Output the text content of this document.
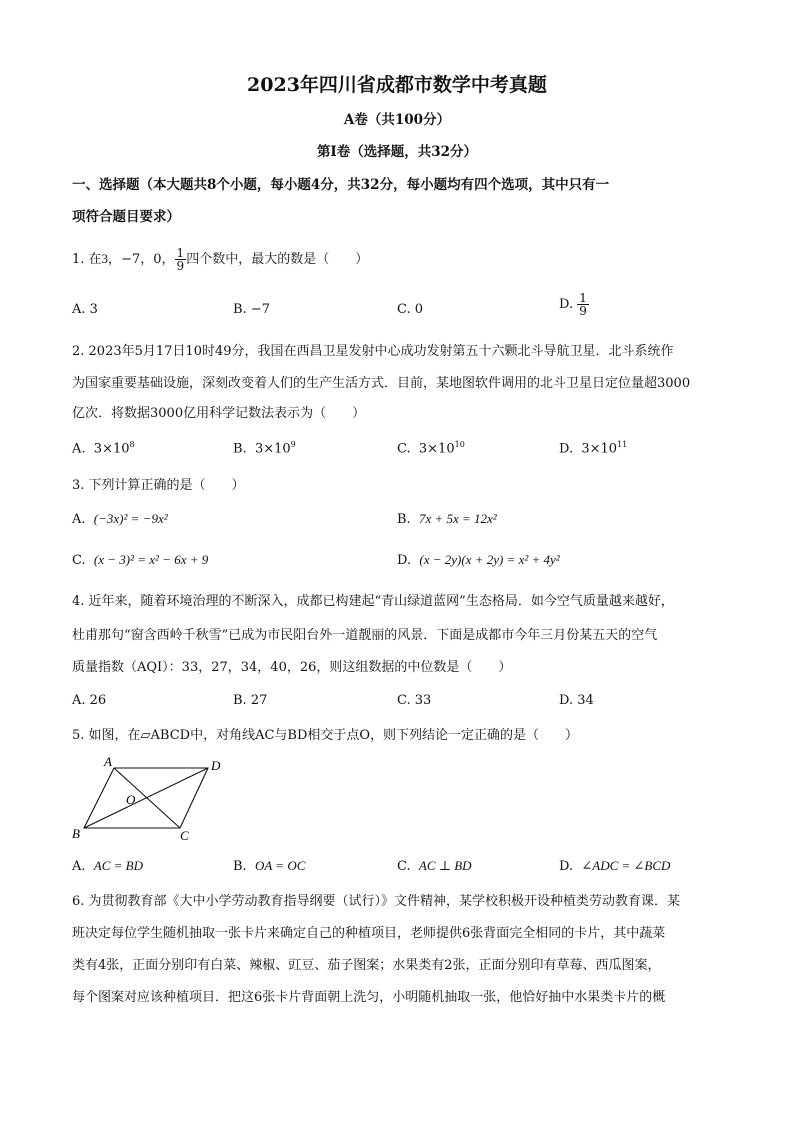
2023年四川省成都市数学中考真题
A卷（共100分）
第I卷（选择题，共32分）
一、选择题（本大题共8个小题，每小题4分，共32分，每小题均有四个选项，其中只有一
项符合题目要求）
1. 在3，−7，0， $\frac{1}{9}$ 四个数中，最大的数是（　　）
A. 3	B. −7	C. 0	D. $\frac{1}{9}$
2. 2023年5月17日10时49分，我国在西昌卫星发射中心成功发射第五十六颗北斗导航卫星．北斗系统作
为国家重要基础设施，深刻改变着人们的生产生活方式．目前，某地图软件调用的北斗卫星日定位量超3000
亿次．将数据3000亿用科学记数法表示为（　　）
A. $3\times 10^8$	B. $3\times 10^9$	C. $3\times 10^{10}$	D. $3\times 10^{11}$
3. 下列计算正确的是（　　）
A. (−3x)² = −9x²	B. 7x + 5x = 12x²
C. (x − 3)² = x² − 6x + 9	D. (x − 2y)(x + 2y) = x² + 4y²
4. 近年来，随着环境治理的不断深入，成都已构建起“青山绿道蓝网”生态格局．如今空气质量越来越好，
杜甫那句“窗含西岭千秋雪”已成为市民阳台外一道靓丽的风景．下面是成都市今年三月份某五天的空气
质量指数（AQI）：33，27，34，40，26，则这组数据的中位数是（　　）
A. 26	B. 27	C. 33	D. 34
5. 如图，在▱ABCD中，对角线AC与BD相交于点O，则下列结论一定正确的是（　　）
A
B	C
D
O
A. AC = BD	B. OA = OC	C. AC ⊥ BD	D. ∠ADC = ∠BCD
6. 为贯彻教育部《大中小学劳动教育指导纲要（试行）》文件精神，某学校积极开设种植类劳动教育课．某
班决定每位学生随机抽取一张卡片来确定自己的种植项目，老师提供6张背面完全相同的卡片，其中蔬菜
类有4张，正面分别印有白菜、辣椒、豇豆、茄子图案；水果类有2张，正面分别印有草莓、西瓜图案，
每个图案对应该种植项目．把这6张卡片背面朝上洗匀，小明随机抽取一张，他恰好抽中水果类卡片的概
